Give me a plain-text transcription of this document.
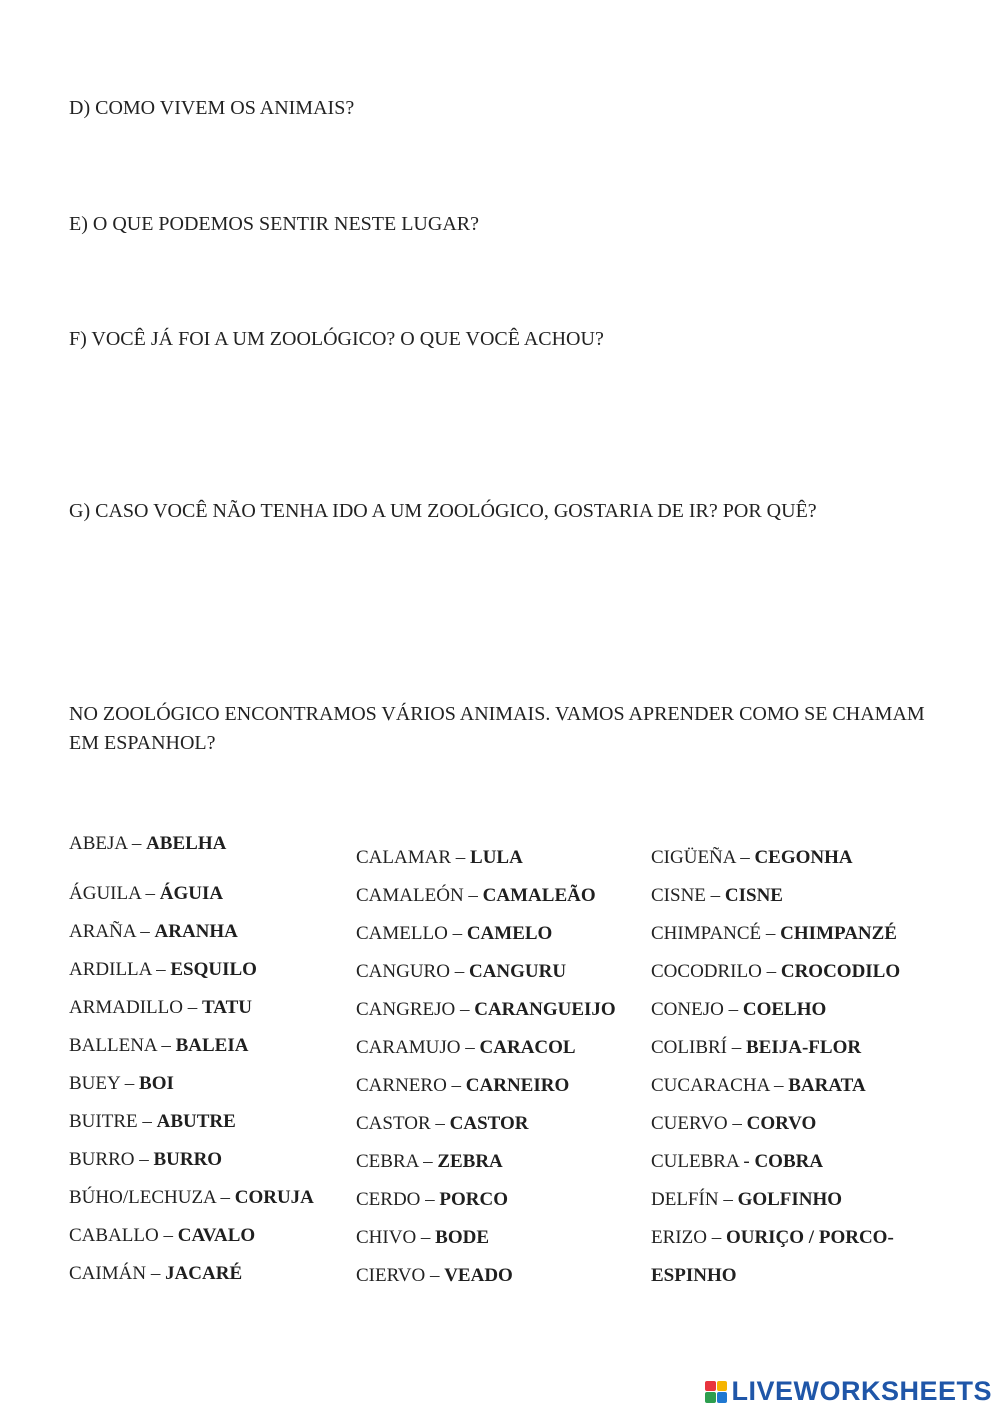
D) COMO VIVEM OS ANIMAIS?

E) O QUE PODEMOS SENTIR NESTE LUGAR?

F) VOCÊ JÁ FOI A UM ZOOLÓGICO? O QUE VOCÊ ACHOU?

G) CASO VOCÊ NÃO TENHA IDO A UM ZOOLÓGICO, GOSTARIA DE IR? POR QUÊ?

NO ZOOLÓGICO ENCONTRAMOS VÁRIOS ANIMAIS. VAMOS APRENDER COMO SE CHAMAM EM ESPANHOL?

ABEJA – ABELHA
ÁGUILA – ÁGUIA
ARAÑA – ARANHA
ARDILLA – ESQUILO
ARMADILLO – TATU
BALLENA – BALEIA
BUEY – BOI
BUITRE – ABUTRE
BURRO – BURRO
BÚHO/LECHUZA – CORUJA
CABALLO – CAVALO
CAIMÁN – JACARÉ
CALAMAR – LULA
CAMALEÓN – CAMALEÃO
CAMELLO – CAMELO
CANGURO – CANGURU
CANGREJO – CARANGUEIJO
CARAMUJO – CARACOL
CARNERO – CARNEIRO
CASTOR – CASTOR
CEBRA – ZEBRA
CERDO – PORCO
CHIVO – BODE
CIERVO – VEADO
CIGÜEÑA – CEGONHA
CISNE – CISNE
CHIMPANCÉ – CHIMPANZÉ
COCODRILO – CROCODILO
CONEJO – COELHO
COLIBRÍ – BEIJA-FLOR
CUCARACHA – BARATA
CUERVO – CORVO
CULEBRA - COBRA
DELFÍN – GOLFINHO
ERIZO – OURIÇO / PORCO-
ESPINHO
LIVEWORKSHEETS
